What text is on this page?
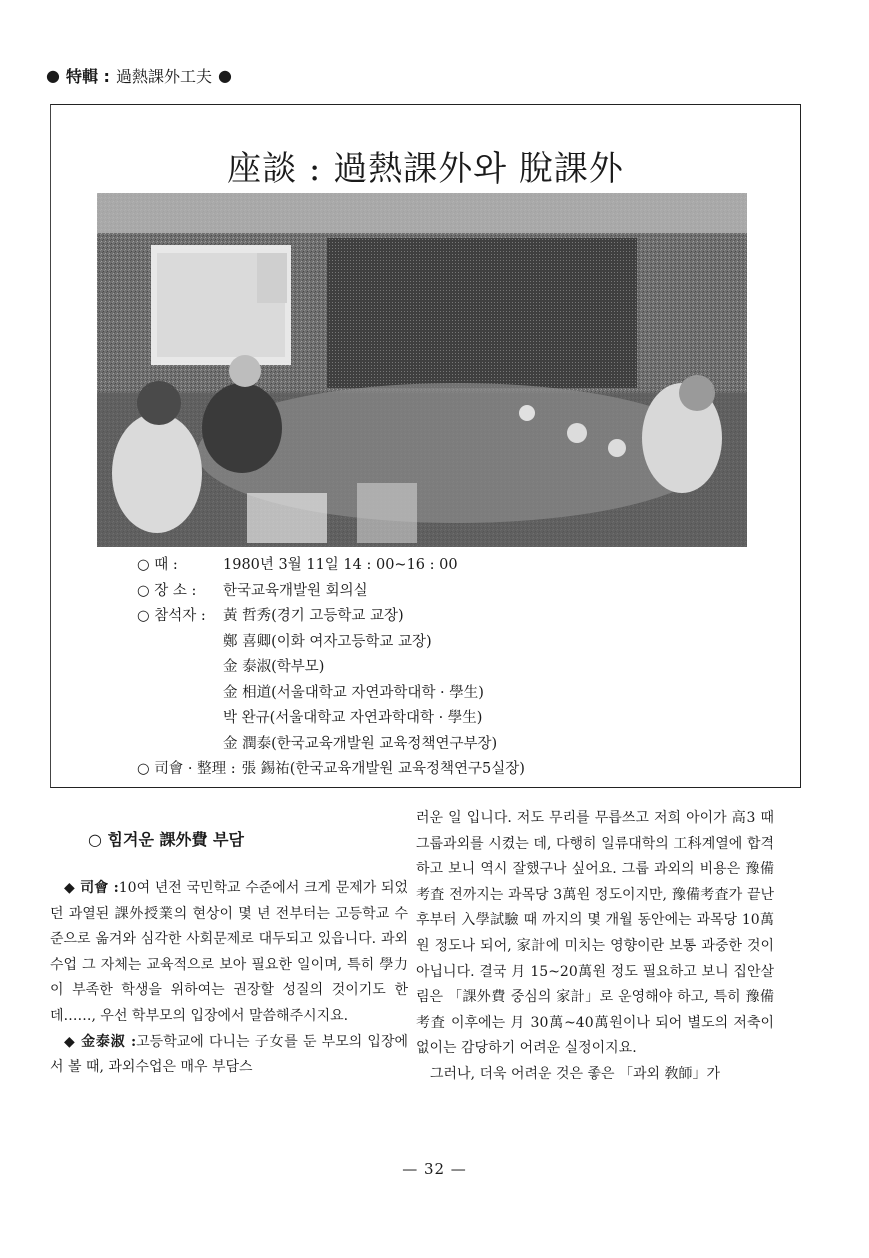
● 特輯 : 過熱課外工夫 ●
座談 : 過熱課外와 脫課外
○ 때 :	1980년 3월 11일 14 : 00~16 : 00
○ 장 소 :	한국교육개발원 회의실
○ 참석자 :	黃 哲秀(경기 고등학교 교장)
鄭 喜卿(이화 여자고등학교 교장)
金 泰淑(학부모)
金 相道(서울대학교 자연과학대학 · 學生)
박 완규(서울대학교 자연과학대학 · 學生)
金 潤泰(한국교육개발원 교육정책연구부장)
○ 司會 · 整理 : 張 錫祐(한국교육개발원 교육정책연구5실장)

○ 힘겨운 課外費 부담

◆ 司會 :10여 년전 국민학교 수준에서 크게 문제가 되었던 과열된 課外授業의 현상이 몇 년 전부터는 고등학교 수준으로 옮겨와 심각한 사회문제로 대두되고 있읍니다. 과외수업 그 자체는 교육적으로 보아 필요한 일이며, 특히 學力이 부족한 학생을 위하여는 권장할 성질의 것이기도 한데……, 우선 학부모의 입장에서 말씀해주시지요.

◆ 金泰淑 :고등학교에 다니는 子女를 둔 부모의 입장에서 볼 때, 과외수업은 매우 부담스

러운 일 입니다. 저도 무리를 무릅쓰고 저희 아이가 高3 때 그룹과외를 시켰는 데, 다행히 일류대학의 工科계열에 합격하고 보니 역시 잘했구나 싶어요. 그룹 과외의 비용은 豫備考査 전까지는 과목당 3萬원 정도이지만, 豫備考査가 끝난 후부터 入學試驗 때 까지의 몇 개월 동안에는 과목당 10萬원 정도나 되어, 家計에 미치는 영향이란 보통 과중한 것이 아닙니다. 결국 月 15~20萬원 정도 필요하고 보니 집안살림은 「課外費 중심의 家計」로 운영해야 하고, 특히 豫備考査 이후에는 月 30萬~40萬원이나 되어 별도의 저축이 없이는 감당하기 어려운 실정이지요.

그러나, 더욱 어려운 것은 좋은 「과외 敎師」가

— 32 —
